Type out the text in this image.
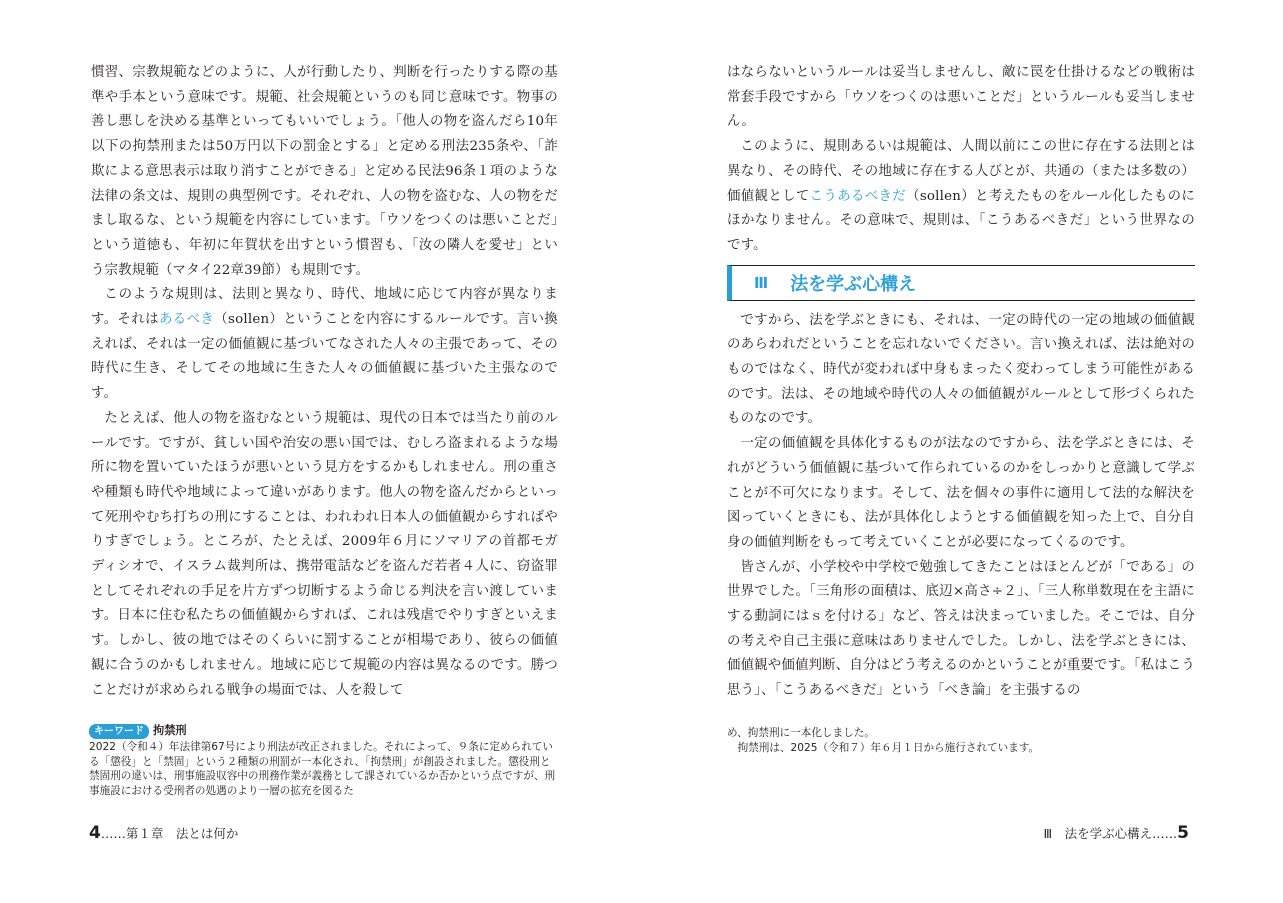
慣習、宗教規範などのように、人が行動したり、判断を行ったりする際の基準や手本という意味です。規範、社会規範というのも同じ意味です。物事の善し悪しを決める基準といってもいいでしょう。「他人の物を盗んだら10年以下の拘禁刑または50万円以下の罰金とする」と定める刑法235条や、「詐欺による意思表示は取り消すことができる」と定める民法96条１項のような法律の条文は、規則の典型例です。それぞれ、人の物を盗むな、人の物をだまし取るな、という規範を内容にしています。「ウソをつくのは悪いことだ」という道徳も、年初に年賀状を出すという慣習も、「汝の隣人を愛せ」という宗教規範（マタイ22章39節）も規則です。

このような規則は、法則と異なり、時代、地域に応じて内容が異なります。それはあるべき（sollen）ということを内容にするルールです。言い換えれば、それは一定の価値観に基づいてなされた人々の主張であって、その時代に生き、そしてその地域に生きた人々の価値観に基づいた主張なのです。

たとえば、他人の物を盗むなという規範は、現代の日本では当たり前のルールです。ですが、貧しい国や治安の悪い国では、むしろ盗まれるような場所に物を置いていたほうが悪いという見方をするかもしれません。刑の重さや種類も時代や地域によって違いがあります。他人の物を盗んだからといって死刑やむち打ちの刑にすることは、われわれ日本人の価値観からすればやりすぎでしょう。ところが、たとえば、2009年６月にソマリアの首都モガディシオで、イスラム裁判所は、携帯電話などを盗んだ若者４人に、窃盗罪としてそれぞれの手足を片方ずつ切断するよう命じる判決を言い渡しています。日本に住む私たちの価値観からすれば、これは残虐でやりすぎといえます。しかし、彼の地ではそのくらいに罰することが相場であり、彼らの価値観に合うのかもしれません。地域に応じて規範の内容は異なるのです。勝つことだけが求められる戦争の場面では、人を殺して

キーワード 拘禁刑

2022（令和４）年法律第67号により刑法が改正されました。それによって、９条に定められている「懲役」と「禁固」という２種類の刑罰が一本化され、「拘禁刑」が創設されました。懲役刑と禁固刑の違いは、刑事施設収容中の刑務作業が義務として課されているか否かという点ですが、刑事施設における受刑者の処遇のより一層の拡充を図るた

4 …… 第１章　法とは何か

はならないというルールは妥当しませんし、敵に罠を仕掛けるなどの戦術は常套手段ですから「ウソをつくのは悪いことだ」というルールも妥当しません。

このように、規則あるいは規範は、人間以前にこの世に存在する法則とは異なり、その時代、その地域に存在する人びとが、共通の（または多数の）価値観としてこうあるべきだ（sollen）と考えたものをルール化したものにほかなりません。その意味で、規則は、「こうあるべきだ」という世界なのです。

Ⅲ 法を学ぶ心構え

ですから、法を学ぶときにも、それは、一定の時代の一定の地域の価値観のあらわれだということを忘れないでください。言い換えれば、法は絶対のものではなく、時代が変われば中身もまったく変わってしまう可能性があるのです。法は、その地域や時代の人々の価値観がルールとして形づくられたものなのです。

一定の価値観を具体化するものが法なのですから、法を学ぶときには、それがどういう価値観に基づいて作られているのかをしっかりと意識して学ぶことが不可欠になります。そして、法を個々の事件に適用して法的な解決を図っていくときにも、法が具体化しようとする価値観を知った上で、自分自身の価値判断をもって考えていくことが必要になってくるのです。

皆さんが、小学校や中学校で勉強してきたことはほとんどが「である」の世界でした。「三角形の面積は、底辺×高さ÷２」、「三人称単数現在を主語にする動詞にはｓを付ける」など、答えは決まっていました。そこでは、自分の考えや自己主張に意味はありませんでした。しかし、法を学ぶときには、価値観や価値判断、自分はどう考えるのかということが重要です。「私はこう思う」、「こうあるべきだ」という「べき論」を主張するの

め、拘禁刑に一本化しました。

拘禁刑は、2025（令和７）年６月１日から施行されています。

Ⅲ　法を学ぶ心構え …… 5
